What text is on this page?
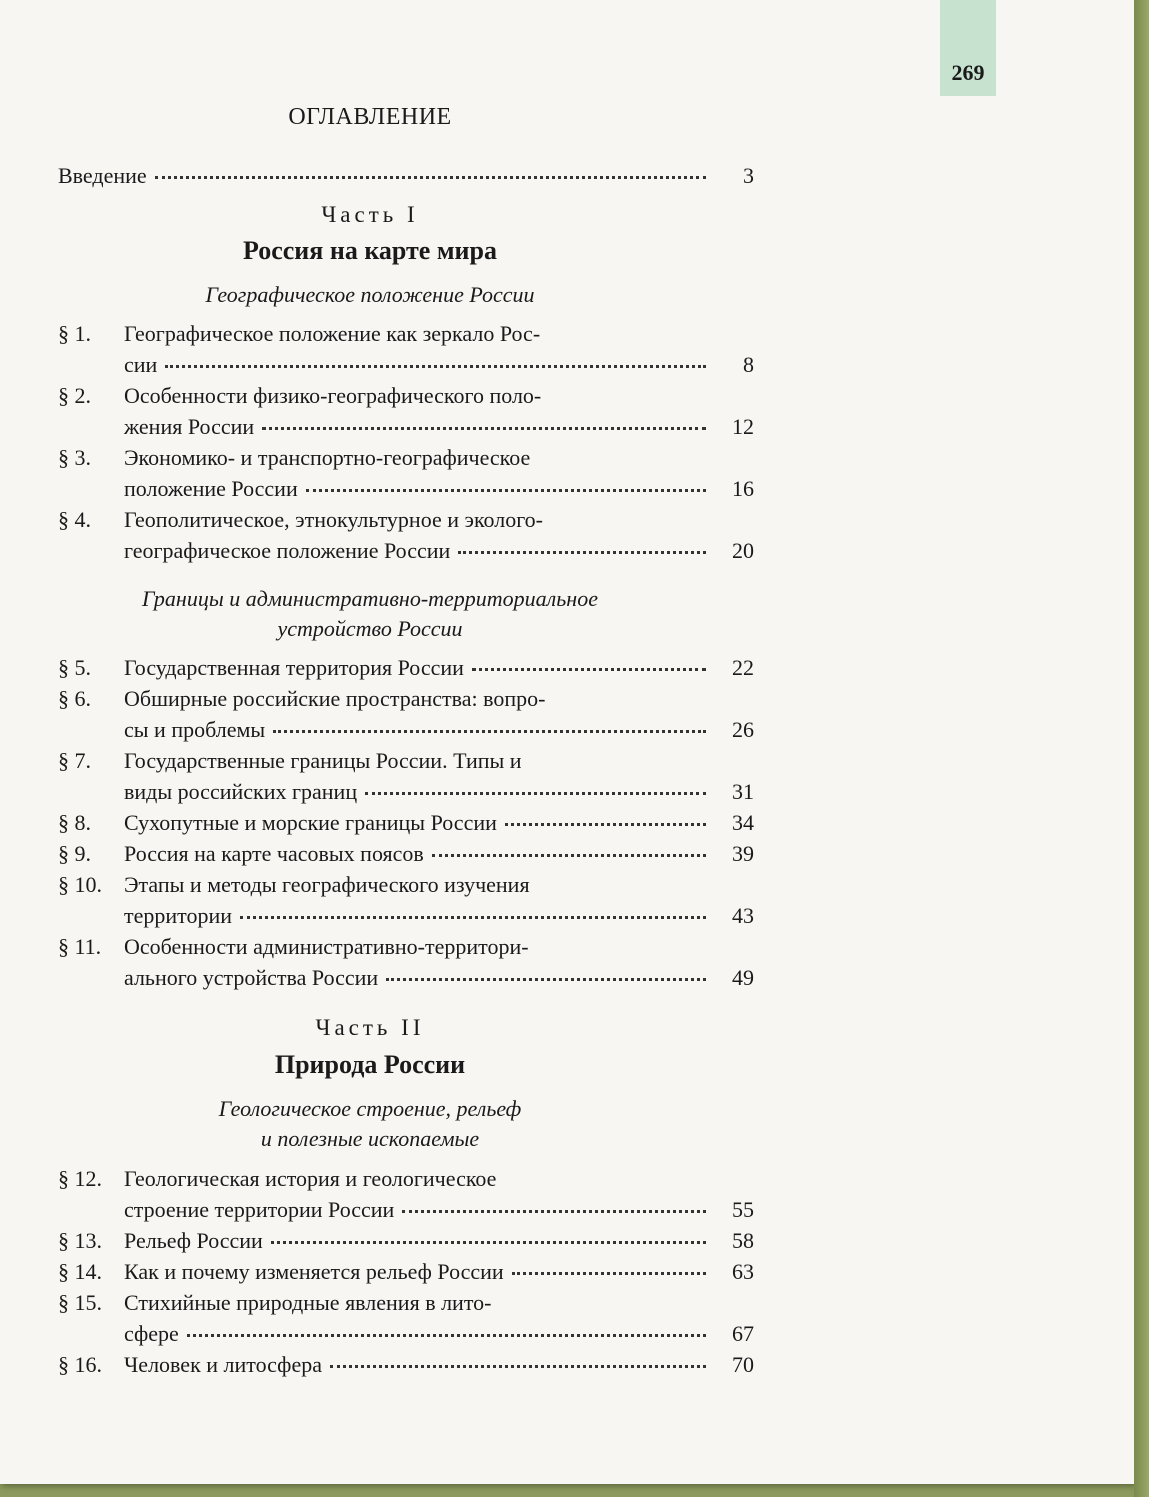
269
ОГЛАВЛЕНИЕ
Введение	3
Часть I
Россия на карте мира
Географическое положение России
§ 1.	Географическое положение как зеркало Рос-
сии	8
§ 2.	Особенности физико-географического поло-
жения России	12
§ 3.	Экономико- и транспортно-географическое
положение России	16
§ 4.	Геополитическое, этнокультурное и эколого-
географическое положение России	20
Границы и административно-территориальное
устройство России
§ 5.	Государственная территория России	22
§ 6.	Обширные российские пространства: вопро-
сы и проблемы	26
§ 7.	Государственные границы России. Типы и
виды российских границ	31
§ 8.	Сухопутные и морские границы России	34
§ 9.	Россия на карте часовых поясов	39
§ 10.	Этапы и методы географического изучения
территории	43
§ 11.	Особенности административно-территори-
ального устройства России	49
Часть II
Природа России
Геологическое строение, рельеф
и полезные ископаемые
§ 12.	Геологическая история и геологическое
строение территории России	55
§ 13.	Рельеф России	58
§ 14.	Как и почему изменяется рельеф России	63
§ 15.	Стихийные природные явления в лито-
сфере	67
§ 16.	Человек и литосфера	70
